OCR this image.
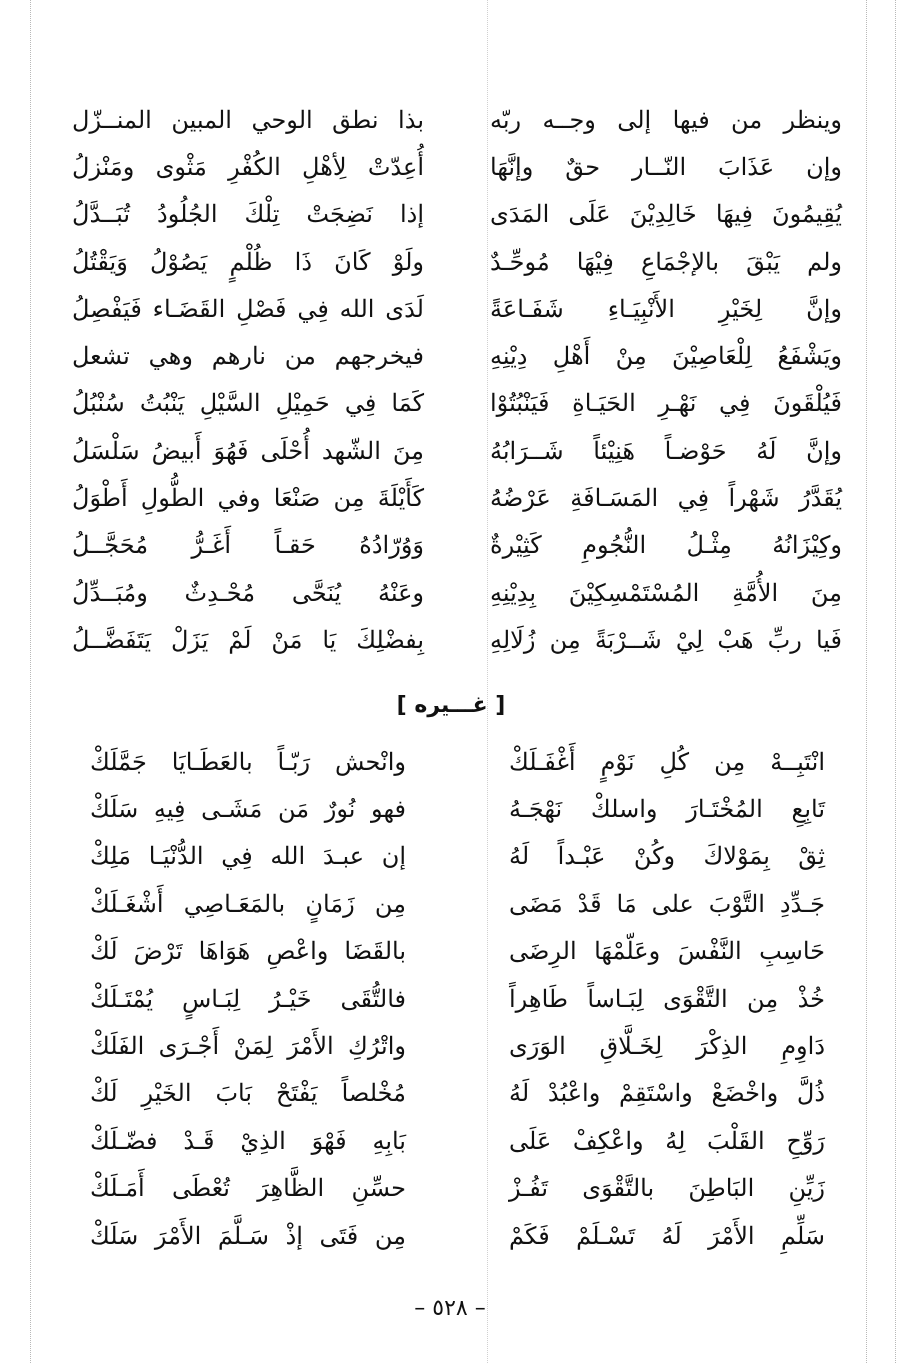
وينظر من فيها إلى وجــه ربّه
بذا نطق الوحي المبين المنــزّل
وإن عَذَابَ النّــار حقٌ وإنَّهَا
أُعِدّتْ لِأهْلِ الكُفْرِ مَثْوى ومَنْزلُ
يُقِيمُونَ فِيهَا خَالِدِيْنَ عَلَى المَدَى
إذا نَضِجَتْ تِلْكَ الجُلُودُ تُبَــدَّلُ
ولم يَبْقَ بالإجْمَاعِ فِيْهَا مُوحِّـدٌ
ولَوْ كَانَ ذَا ظُلْمٍ يَصُوْلُ وَيَقْتُلُ
وإنَّ لِخَيْرِ الأَنْبِيَـاءِ شَفَـاعَةً
لَدَى الله فِي فَصْلِ القَضَـاء فَيَفْصِلُ
ويَشْفَعُ لِلْعَاصِيْنَ مِنْ أَهْلِ دِيْنِهِ
فيخرجهم من نارهم وهي تشعل
فَيُلْقَونَ فِي نَهْـرِ الحَيَـاةِ فَيَنْبُتُوْا
كَمَا فِي حَمِيْلِ السَّيْلِ يَنْبُتُ سُنْبُلُ
وإنَّ لَهُ حَوْضـاً هَنِيْئاً شَــرَابُهُ
مِنَ الشّهد أُحْلَى فَهُوَ أَبيضُ سَلْسَلُ
يُقَدَّرُ شَهْراً فِي المَسَـافَةِ عَرْضُهُ
كَأَيْلَةَ مِن صَنْعَا وفي الطُّولِ أَطْوَلُ
وكِيْزَانُهُ مِثْـلُ النُّجُومِ كَثِيْرةٌ
وَوُرّادُهُ حَقـاً أَغَـرُّ مُحَجَّــلُ
مِنَ الأُمَّةِ المُسْتَمْسِكِيْنَ بِدِيْنِهِ
وعَنْهُ يُنَحَّى مُحْـدِثٌ ومُبَــدِّلُ
فَيا ربِّ هَبْ لِيْ شَــرْبَةً مِن زُلَالِهِ
بِفضْلِكَ يَا مَنْ لَمْ يَزَلْ يَتَفَضَّــلُ
[ غـــيره ]
انْتَبِــهْ مِن كُلِ نَوْمٍ أَغْفَـلَكْ
وانْحش رَبّـاً بالعَطَـايَا جَمَّلَكْ
تَابِعِ المُخْتَـارَ واسلكْ نَهْجَـهُ
فهو نُورٌ مَن مَشَـى فِيهِ سَلَكْ
ثِقْ بِمَوْلاكَ وكُنْ عَبْـداً لَهُ
إن عبـدَ الله فِي الدُّنْيَـا مَلِكْ
جَـدِّدِ التَّوْبَ على مَا قَدْ مَضَى
مِن زَمَانٍ بالمَعَـاصِي أَشْغَـلَكْ
حَاسِبِ النَّفْسَ وعَلّمْهَا الرِضَى
بالقَضَا واعْصِ هَوَاهَا تَرْضَ لَكْ
خُذْ مِن التَّقْوَى لِبَـاساً طَاهِراً
فالتُّقَى خَيْـرُ لِبَـاسٍ يُمْتَـلَكْ
دَاوِمِ الذِكْرَ لِخَـلَّاقِ الوَرَى
واتْرُكِ الأَمْرَ لِمَنْ أَجْـرَى الفَلَكْ
ذُلَّ واخْضَعْ واسْتَقِمْ واعْبُدْ لَهُ
مُخْلصاً يَفْتَحْ بَابَ الخَيْرِ لَكْ
رَوِّحِ القَلْبَ لِهُ واعْكِفْ عَلَى
بَابِهِ فَهْوَ الذِيْ قَـدْ فضّـلَكْ
زَيِّنِ البَاطِنَ بالتَّقْوَى تَفُـزْ
حسِّنِ الظَّاهِرَ تُعْطَى أَمَـلَكْ
سَلِّمِ الأَمْرَ لَهُ تَسْـلَمْ فَكَمْ
مِن فَتَى إذْ سَـلَّمَ الأَمْرَ سَلَكْ
– ٥٢٨ –
